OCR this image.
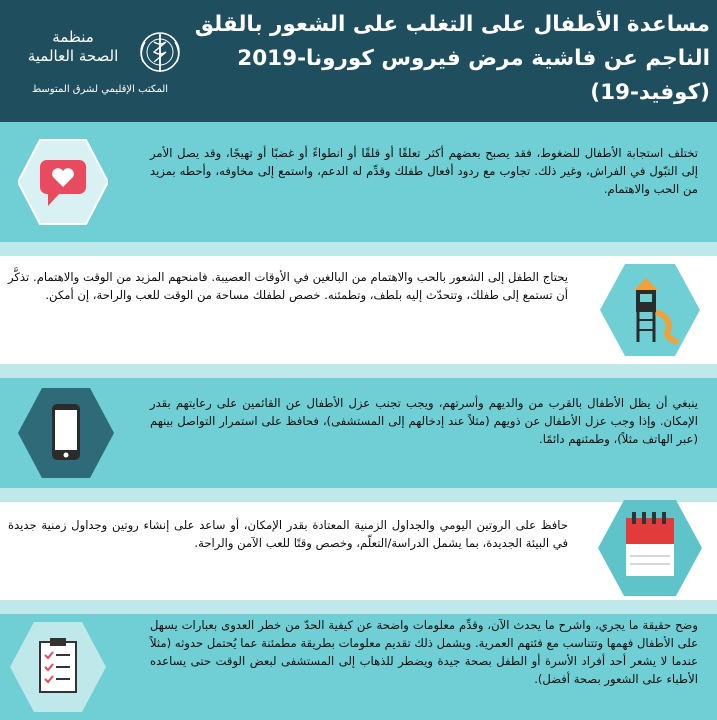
مساعدة الأطفال على التغلب على الشعور بالقلق الناجم عن فاشية مرض فيروس كورونا-2019 (كوفيد-19)
منظمة
الصحة العالمية
المكتب الإقليمي لشرق المتوسط
تختلف استجابة الأطفال للضغوط، فقد يصبح بعضهم أكثر تعلقًا أو قلقًا أو انطواءً أو غضبًا أو تهيجًا، وقد يصل الأمر إلى التبّول في الفراش، وغير ذلك. تجاوب مع ردود أفعال طفلك وقدِّم له الدعم، واستمع إلى مخاوفه، وأحطه بمزيد من الحب والاهتمام.
يحتاج الطفل إلى الشعور بالحب والاهتمام من البالغين في الأوقات العصيبة. فامنحهم المزيد من الوقت والاهتمام. تذكَّر أن تستمع إلى طفلك، وتتحدّث إليه بلطف، وتطمئنه. خصص لطفلك مساحة من الوقت للعب والراحة، إن أمكن.
ينبغي أن يظل الأطفال بالقرب من والديهم وأسرتهم، ويجب تجنب عزل الأطفال عن القائمين على رعايتهم بقدر الإمكان. وإذا وجب عزل الأطفال عن ذويهم (مثلاً عند إدخالهم إلى المستشفى)، فحافظ على استمرار التواصل بينهم (عبر الهاتف مثلاً)، وطمئنهم دائمًا.
حافظ على الروتين اليومي والجداول الزمنية المعتادة بقدر الإمكان، أو ساعد على إنشاء روتين وجداول زمنية جديدة في البيئة الجديدة، بما يشمل الدراسة/التعلّم، وخصص وقتًا للعب الآمن والراحة.
وضح حقيقة ما يجري، واشرح ما يحدث الآن، وقدِّم معلومات واضحة عن كيفية الحدّ من خطر العدوى بعبارات يسهل على الأطفال فهمها وتتناسب مع فئتهم العمرية. ويشمل ذلك تقديم معلومات بطريقة مطمئنة عما يُحتمل حدوثه (مثلاً عندما لا يشعر أحد أفراد الأسرة أو الطفل بصحة جيدة ويضطر للذهاب إلى المستشفى لبعض الوقت حتى يساعده الأطباء على الشعور بصحة أفضل).
